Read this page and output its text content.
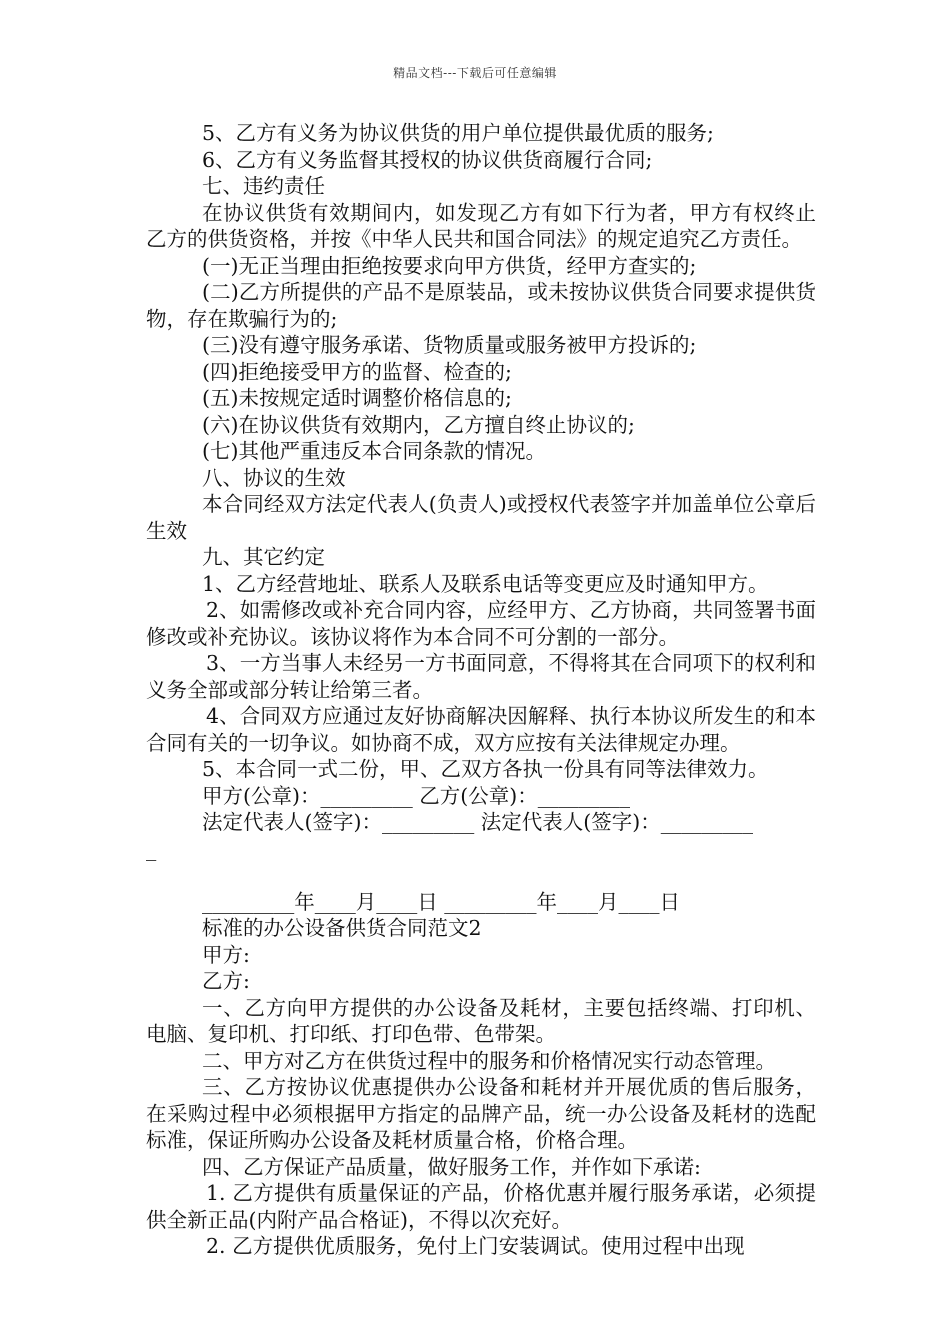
精品文档---下载后可任意编辑

5、乙方有义务为协议供货的用户单位提供最优质的服务;

6、乙方有义务监督其授权的协议供货商履行合同;

七、违约责任

在协议供货有效期间内，如发现乙方有如下行为者，甲方有权终止乙方的供货资格，并按《中华人民共和国合同法》的规定追究乙方责任。

(一)无正当理由拒绝按要求向甲方供货，经甲方查实的;

(二)乙方所提供的产品不是原装品，或未按协议供货合同要求提供货物，存在欺骗行为的;

(三)没有遵守服务承诺、货物质量或服务被甲方投诉的;

(四)拒绝接受甲方的监督、检查的;

(五)未按规定适时调整价格信息的;

(六)在协议供货有效期内，乙方擅自终止协议的;

(七)其他严重违反本合同条款的情况。

八、协议的生效

本合同经双方法定代表人(负责人)或授权代表签字并加盖单位公章后生效

九、其它约定

1、乙方经营地址、联系人及联系电话等变更应及时通知甲方。

2、如需修改或补充合同内容，应经甲方、乙方协商，共同签署书面修改或补充协议。该协议将作为本合同不可分割的一部分。

3、一方当事人未经另一方书面同意，不得将其在合同项下的权利和义务全部或部分转让给第三者。

4、合同双方应通过友好协商解决因解释、执行本协议所发生的和本合同有关的一切争议。如协商不成，双方应按有关法律规定办理。

5、本合同一式二份，甲、乙双方各执一份具有同等法律效力。

甲方(公章)：_________ 乙方(公章)：_________

法定代表人(签字)：_________ 法定代表人(签字)：_________

_

_________年____月____日 _________年____月____日

标准的办公设备供货合同范文2

甲方:

乙方:

一、乙方向甲方提供的办公设备及耗材，主要包括终端、打印机、电脑、复印机、打印纸、打印色带、色带架。

二、甲方对乙方在供货过程中的服务和价格情况实行动态管理。

三、乙方按协议优惠提供办公设备和耗材并开展优质的售后服务，在采购过程中必须根据甲方指定的品牌产品，统一办公设备及耗材的选配标准，保证所购办公设备及耗材质量合格，价格合理。

四、乙方保证产品质量，做好服务工作，并作如下承诺:

1. 乙方提供有质量保证的产品，价格优惠并履行服务承诺，必须提供全新正品(内附产品合格证)，不得以次充好。

2. 乙方提供优质服务，免付上门安装调试。使用过程中出现
